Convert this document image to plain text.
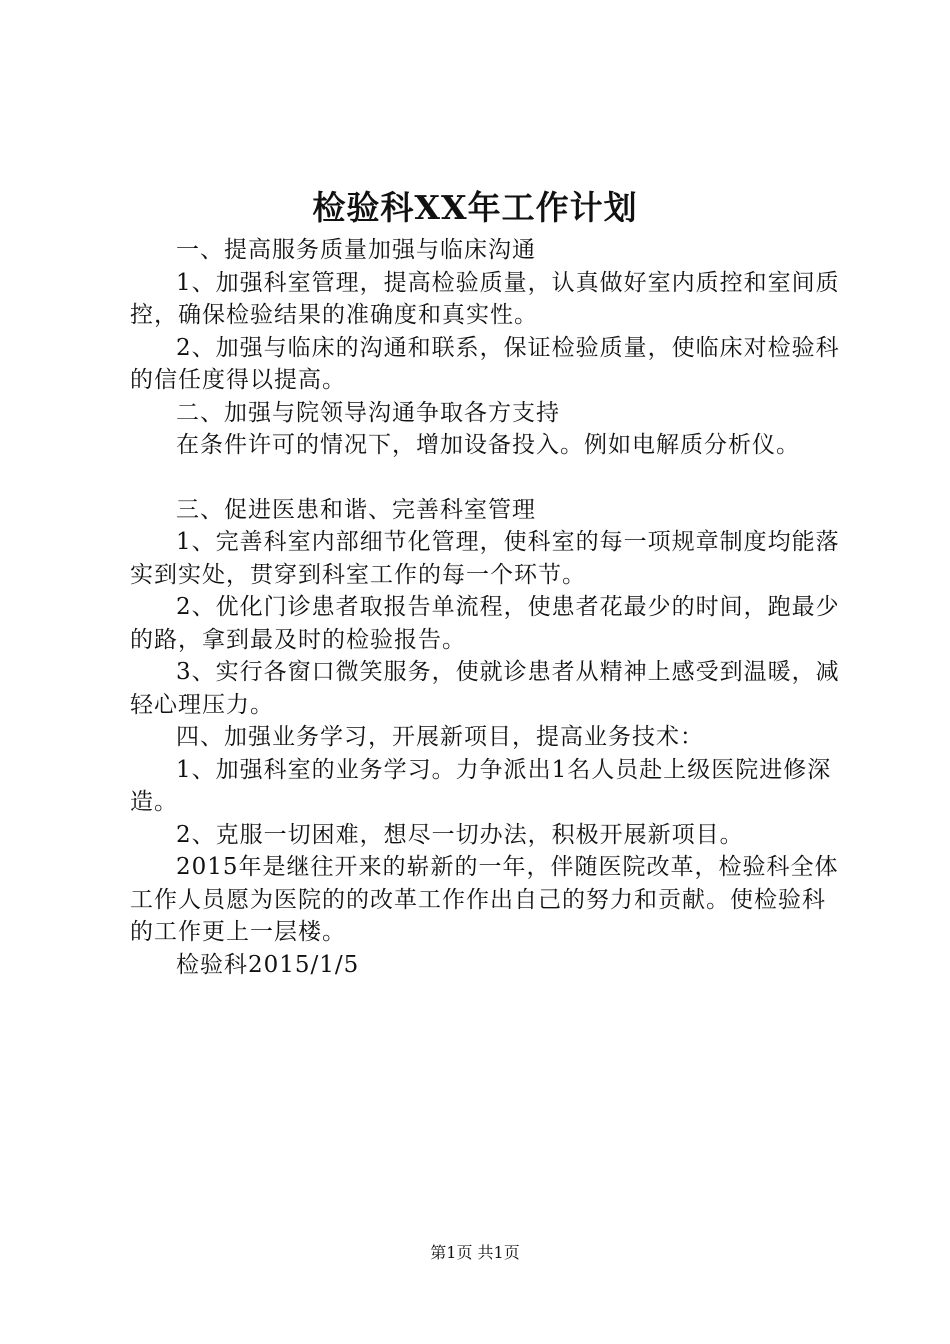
检验科XX年工作计划

一、提高服务质量加强与临床沟通

1、加强科室管理，提高检验质量，认真做好室内质控和室间质控，确保检验结果的准确度和真实性。

2、加强与临床的沟通和联系，保证检验质量，使临床对检验科的信任度得以提高。

二、加强与院领导沟通争取各方支持

在条件许可的情况下，增加设备投入。例如电解质分析仪。

三、促进医患和谐、完善科室管理

1、完善科室内部细节化管理，使科室的每一项规章制度均能落实到实处，贯穿到科室工作的每一个环节。

2、优化门诊患者取报告单流程，使患者花最少的时间，跑最少的路，拿到最及时的检验报告。

3、实行各窗口微笑服务，使就诊患者从精神上感受到温暖，减轻心理压力。

四、加强业务学习，开展新项目，提高业务技术：

1、加强科室的业务学习。力争派出1名人员赴上级医院进修深造。

2、克服一切困难，想尽一切办法，积极开展新项目。

2015年是继往开来的崭新的一年，伴随医院改革，检验科全体工作人员愿为医院的的改革工作作出自己的努力和贡献。使检验科的工作更上一层楼。

检验科2015/1/5

第1页 共1页
